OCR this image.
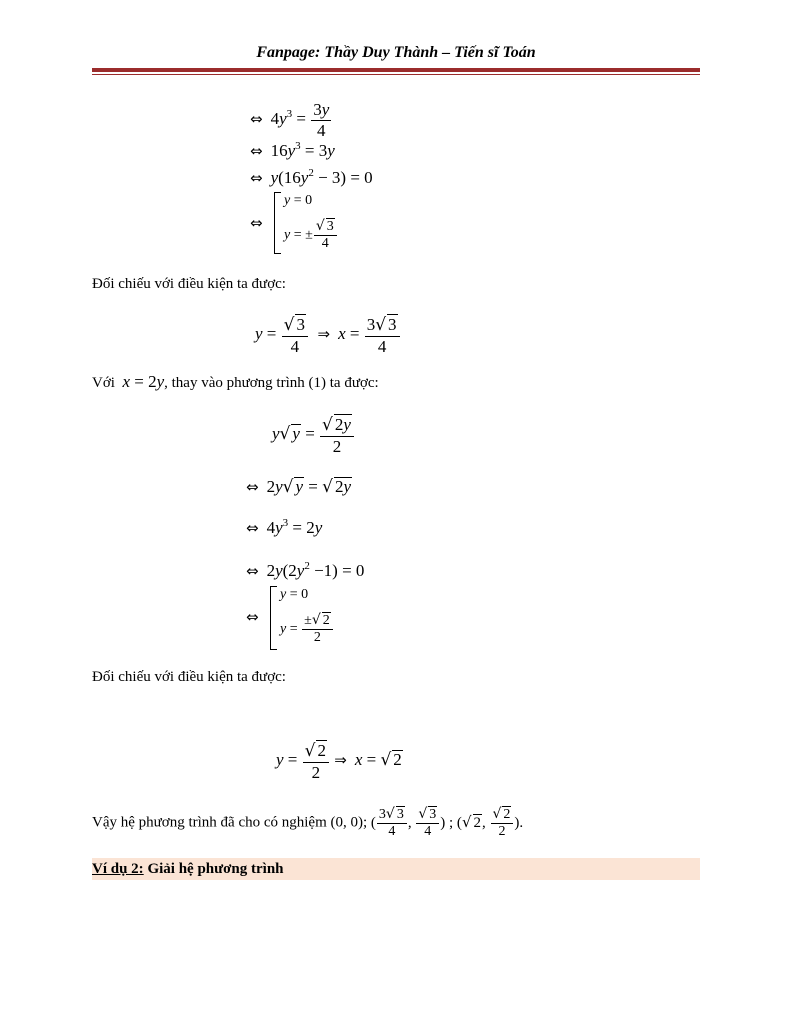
Fanpage: Thầy Duy Thành – Tiến sĩ Toán
⇔ $4y^3 = \frac{3y}{4}$
⇔ $16y^3 = 3y$
⇔ $y(16y^2 - 3) = 0$
⇔
y = 0
y = ± $\frac{√ 3}{4}$
Đối chiếu với điều kiện ta được:
$y = \frac{√ 3}{4}$ ⇒ $x = \frac{3√ 3}{4}$
Với x = 2y, thay vào phương trình (1) ta được:
y√ $y = \frac{√ 2y}{2}$
⇔ 2y√ y = √ 2y
⇔ $4y^3 = 2y$
⇔ $2y(2y^2 -1) = 0$
⇔
y = 0
$y = \frac{\pm√ 2}{2}$
Đối chiếu với điều kiện ta được:
$y = \frac{√ 2}{2}$ ⇒ x = √ 2
Vậy hệ phương trình đã cho có nghiệm (0, 0); ( $\frac{3√ 3}{4}$ , $\frac{√ 3}{4}$ ) ; (√ 2, $\frac{√ 2}{2}$ ).
Ví dụ 2: Giải hệ phương trình
